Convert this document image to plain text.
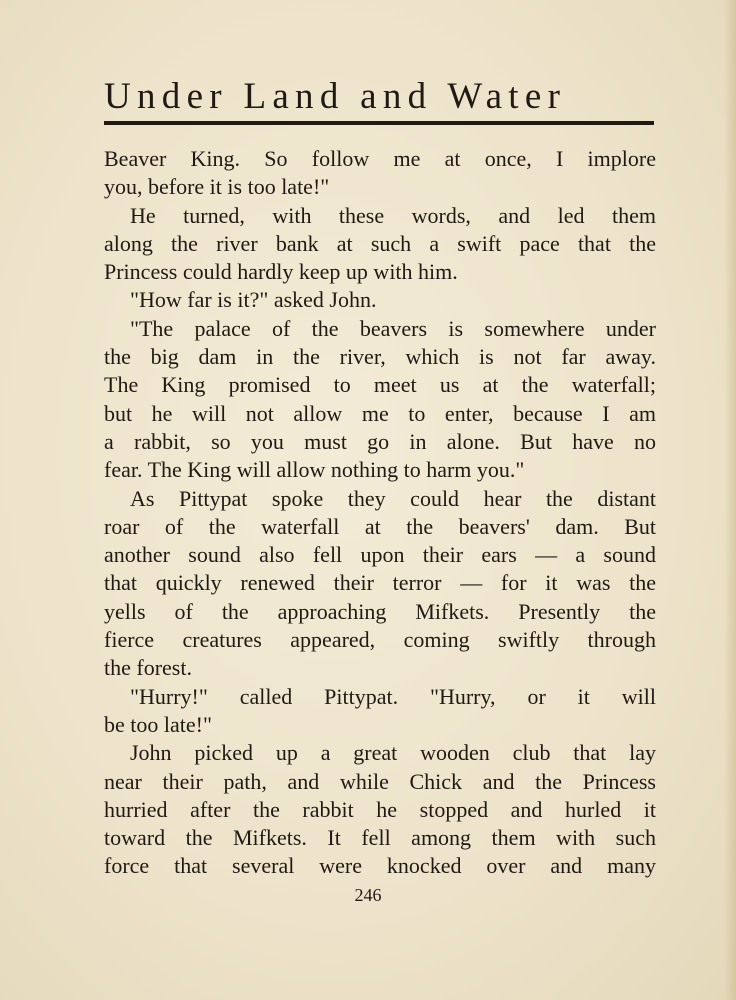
Under Land and Water
Beaver King. So follow me at once, I implore
you, before it is too late!"
He turned, with these words, and led them
along the river bank at such a swift pace that the
Princess could hardly keep up with him.
"How far is it?" asked John.
"The palace of the beavers is somewhere under
the big dam in the river, which is not far away.
The King promised to meet us at the waterfall;
but he will not allow me to enter, because I am
a rabbit, so you must go in alone. But have no
fear. The King will allow nothing to harm you."
As Pittypat spoke they could hear the distant
roar of the waterfall at the beavers' dam. But
another sound also fell upon their ears — a sound
that quickly renewed their terror — for it was the
yells of the approaching Mifkets. Presently the
fierce creatures appeared, coming swiftly through
the forest.
"Hurry!" called Pittypat. "Hurry, or it will
be too late!"
John picked up a great wooden club that lay
near their path, and while Chick and the Princess
hurried after the rabbit he stopped and hurled it
toward the Mifkets. It fell among them with such
force that several were knocked over and many
246
